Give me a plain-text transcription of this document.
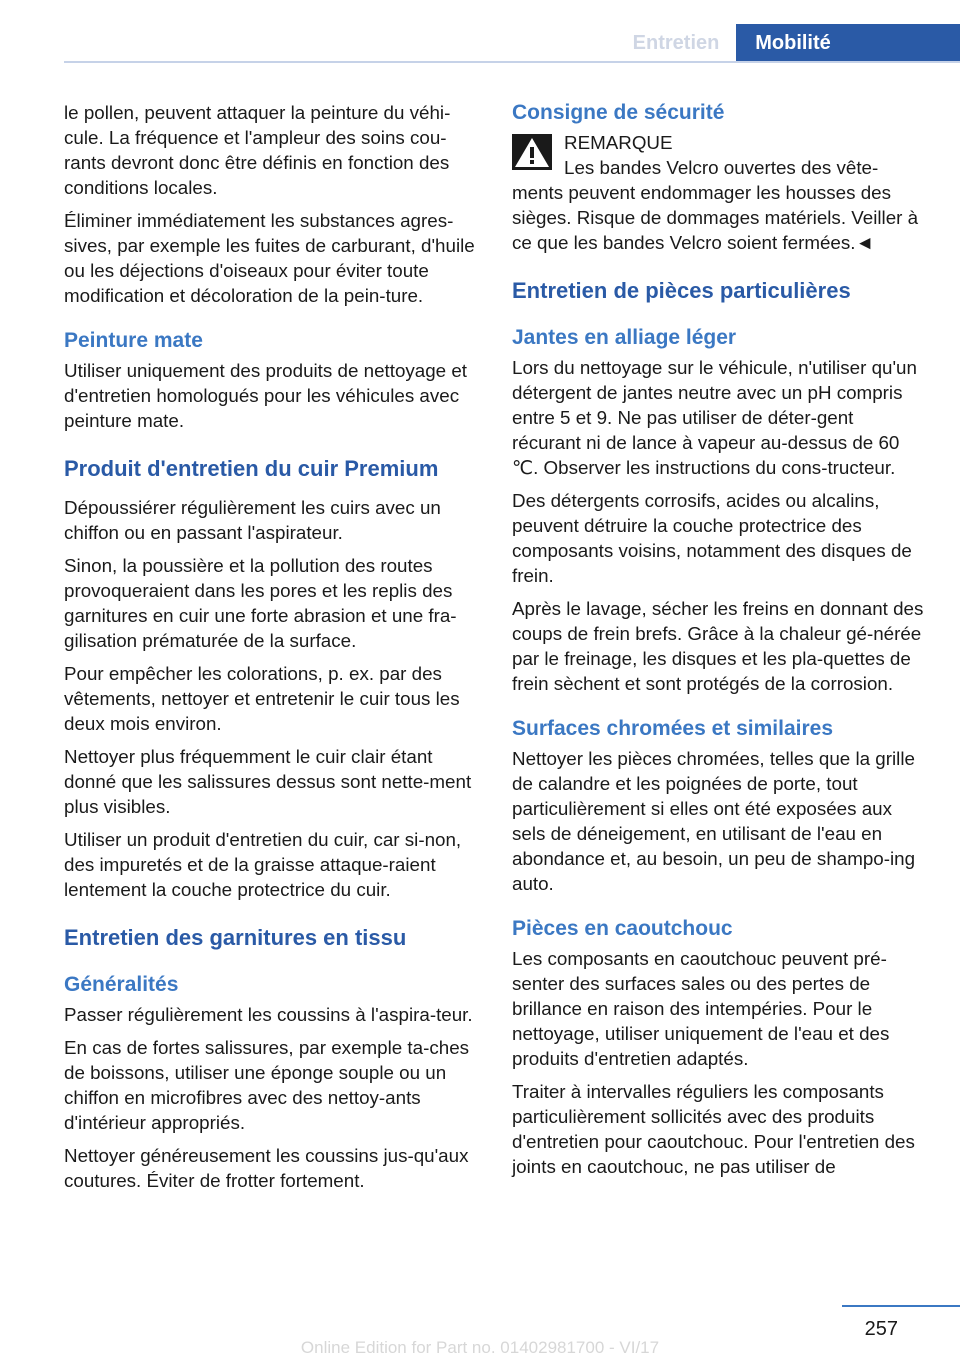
Entretien	Mobilité

le pollen, peuvent attaquer la peinture du véhi-cule. La fréquence et l'ampleur des soins cou-rants devront donc être définis en fonction des conditions locales.

Éliminer immédiatement les substances agres-sives, par exemple les fuites de carburant, d'huile ou les déjections d'oiseaux pour éviter toute modification et décoloration de la pein-ture.

Peinture mate

Utiliser uniquement des produits de nettoyage et d'entretien homologués pour les véhicules avec peinture mate.

Produit d'entretien du cuir Premium

Dépoussiérer régulièrement les cuirs avec un chiffon ou en passant l'aspirateur.

Sinon, la poussière et la pollution des routes provoqueraient dans les pores et les replis des garnitures en cuir une forte abrasion et une fra-gilisation prématurée de la surface.

Pour empêcher les colorations, p. ex. par des vêtements, nettoyer et entretenir le cuir tous les deux mois environ.

Nettoyer plus fréquemment le cuir clair étant donné que les salissures dessus sont nette-ment plus visibles.

Utiliser un produit d'entretien du cuir, car si-non, des impuretés et de la graisse attaque-raient lentement la couche protectrice du cuir.

Entretien des garnitures en tissu
Généralités

Passer régulièrement les coussins à l'aspira-teur.

En cas de fortes salissures, par exemple ta-ches de boissons, utiliser une éponge souple ou un chiffon en microfibres avec des nettoy-ants d'intérieur appropriés.

Nettoyer généreusement les coussins jus-qu'aux coutures. Éviter de frotter fortement.

Consigne de sécurité

REMARQUE

Les bandes Velcro ouvertes des vête-

ments peuvent endommager les housses des sièges. Risque de dommages matériels. Veiller à ce que les bandes Velcro soient fermées.◄

Entretien de pièces particulières
Jantes en alliage léger

Lors du nettoyage sur le véhicule, n'utiliser qu'un détergent de jantes neutre avec un pH compris entre 5 et 9. Ne pas utiliser de déter-gent récurant ni de lance à vapeur au-dessus de 60 ℃. Observer les instructions du cons-tructeur.

Des détergents corrosifs, acides ou alcalins, peuvent détruire la couche protectrice des composants voisins, notamment des disques de frein.

Après le lavage, sécher les freins en donnant des coups de frein brefs. Grâce à la chaleur gé-nérée par le freinage, les disques et les pla-quettes de frein sèchent et sont protégés de la corrosion.

Surfaces chromées et similaires

Nettoyer les pièces chromées, telles que la grille de calandre et les poignées de porte, tout particulièrement si elles ont été exposées aux sels de déneigement, en utilisant de l'eau en abondance et, au besoin, un peu de shampo-ing auto.

Pièces en caoutchouc

Les composants en caoutchouc peuvent pré-senter des surfaces sales ou des pertes de brillance en raison des intempéries. Pour le nettoyage, utiliser uniquement de l'eau et des produits d'entretien adaptés.

Traiter à intervalles réguliers les composants particulièrement sollicités avec des produits d'entretien pour caoutchouc. Pour l'entretien des joints en caoutchouc, ne pas utiliser de

257
Online Edition for Part no. 01402981700 - VI/17
